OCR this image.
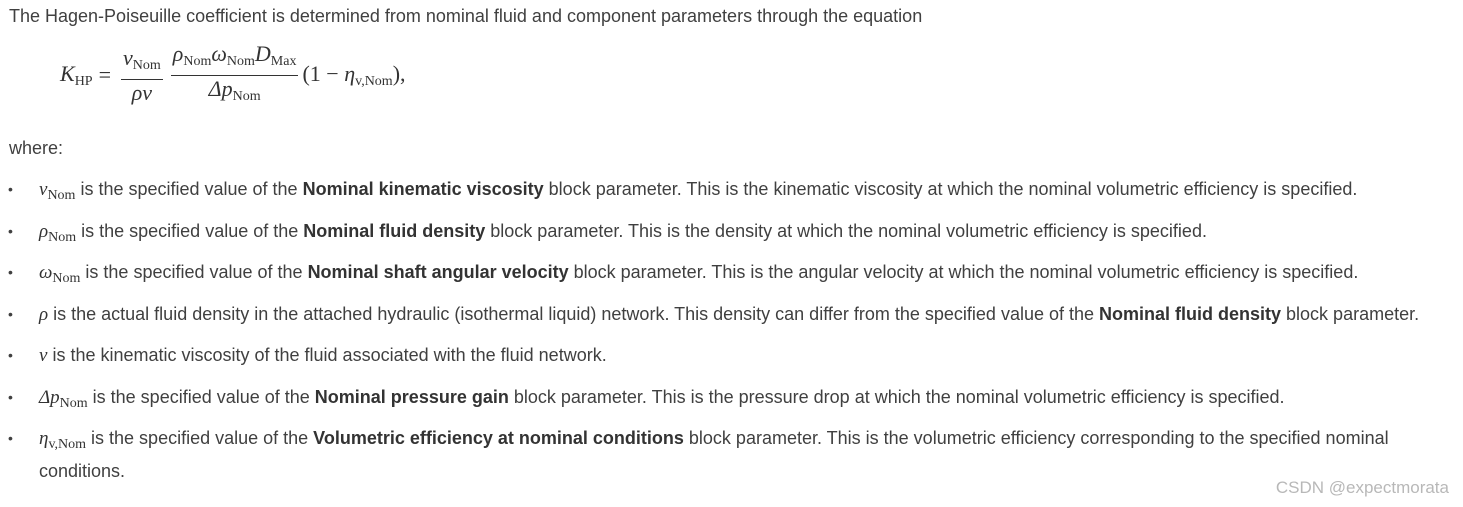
The Hagen-Poiseuille coefficient is determined from nominal fluid and component parameters through the equation

$K_{HP} = \frac{\nu_{Nom}}{\rho\nu} \frac{\rho_{Nom}\omega_{Nom}D_{Max}}{\Delta p_{Nom}} (1 - \eta_{v,Nom})$,

where:

• $\nu_{Nom}$ is the specified value of the Nominal kinematic viscosity block parameter. This is the kinematic viscosity at which the nominal volumetric efficiency is specified.
• $\rho_{Nom}$ is the specified value of the Nominal fluid density block parameter. This is the density at which the nominal volumetric efficiency is specified.
• $\omega_{Nom}$ is the specified value of the Nominal shaft angular velocity block parameter. This is the angular velocity at which the nominal volumetric efficiency is specified.
• ρ is the actual fluid density in the attached hydraulic (isothermal liquid) network. This density can differ from the specified value of the Nominal fluid density block parameter.
• ν is the kinematic viscosity of the fluid associated with the fluid network.
• $\Delta p_{Nom}$ is the specified value of the Nominal pressure gain block parameter. This is the pressure drop at which the nominal volumetric efficiency is specified.
• $\eta_{v,Nom}$ is the specified value of the Volumetric efficiency at nominal conditions block parameter. This is the volumetric efficiency corresponding to the specified nominal conditions.
CSDN @expectmorata
